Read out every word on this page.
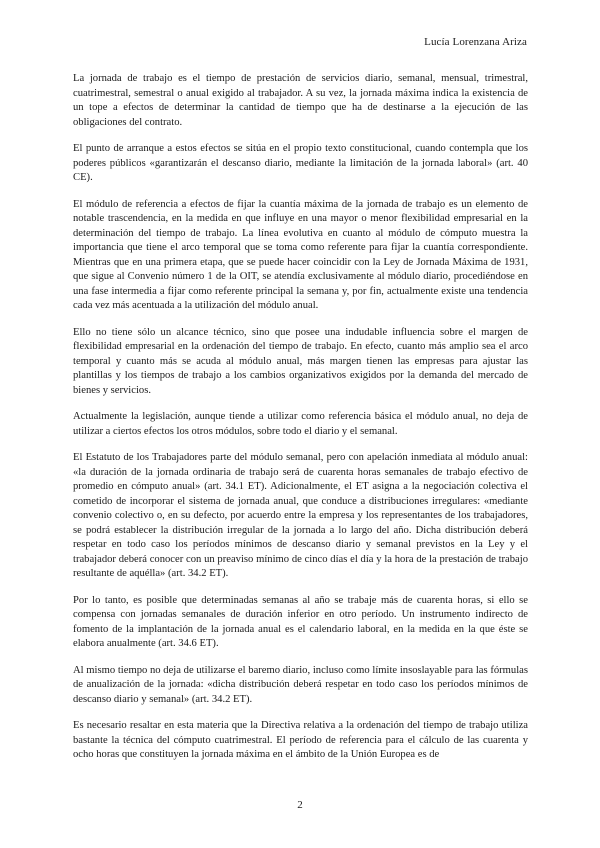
Lucía Lorenzana Ariza

La jornada de trabajo es el tiempo de prestación de servicios diario, semanal, mensual, trimestral, cuatrimestral, semestral o anual exigido al trabajador. A su vez, la jornada máxima indica la existencia de un tope a efectos de determinar la cantidad de tiempo que ha de destinarse a la ejecución de las obligaciones del contrato.

El punto de arranque a estos efectos se sitúa en el propio texto constitucional, cuando contempla que los poderes públicos «garantizarán el descanso diario, mediante la limitación de la jornada laboral» (art. 40 CE).

El módulo de referencia a efectos de fijar la cuantía máxima de la jornada de trabajo es un elemento de notable trascendencia, en la medida en que influye en una mayor o menor flexibilidad empresarial en la determinación del tiempo de trabajo. La línea evolutiva en cuanto al módulo de cómputo muestra la importancia que tiene el arco temporal que se toma como referente para fijar la cuantía correspondiente. Mientras que en una primera etapa, que se puede hacer coincidir con la Ley de Jornada Máxima de 1931, que sigue al Convenio número 1 de la OIT, se atendía exclusivamente al módulo diario, procediéndose en una fase intermedia a fijar como referente principal la semana y, por fin, actualmente existe una tendencia cada vez más acentuada a la utilización del módulo anual.

Ello no tiene sólo un alcance técnico, sino que posee una indudable influencia sobre el margen de flexibilidad empresarial en la ordenación del tiempo de trabajo. En efecto, cuanto más amplio sea el arco temporal y cuanto más se acuda al módulo anual, más margen tienen las empresas para ajustar las plantillas y los tiempos de trabajo a los cambios organizativos exigidos por la demanda del mercado de bienes y servicios.

Actualmente la legislación, aunque tiende a utilizar como referencia básica el módulo anual, no deja de utilizar a ciertos efectos los otros módulos, sobre todo el diario y el semanal.

El Estatuto de los Trabajadores parte del módulo semanal, pero con apelación inmediata al módulo anual: «la duración de la jornada ordinaria de trabajo será de cuarenta horas semanales de trabajo efectivo de promedio en cómputo anual» (art. 34.1 ET). Adicionalmente, el ET asigna a la negociación colectiva el cometido de incorporar el sistema de jornada anual, que conduce a distribuciones irregulares: «mediante convenio colectivo o, en su defecto, por acuerdo entre la empresa y los representantes de los trabajadores, se podrá establecer la distribución irregular de la jornada a lo largo del año. Dicha distribución deberá respetar en todo caso los períodos mínimos de descanso diario y semanal previstos en la Ley y el trabajador deberá conocer con un preaviso mínimo de cinco días el día y la hora de la prestación de trabajo resultante de aquélla» (art. 34.2 ET).

Por lo tanto, es posible que determinadas semanas al año se trabaje más de cuarenta horas, si ello se compensa con jornadas semanales de duración inferior en otro período. Un instrumento indirecto de fomento de la implantación de la jornada anual es el calendario laboral, en la medida en la que éste se elabora anualmente (art. 34.6 ET).

Al mismo tiempo no deja de utilizarse el baremo diario, incluso como límite insoslayable para las fórmulas de anualización de la jornada: «dicha distribución deberá respetar en todo caso los períodos mínimos de descanso diario y semanal» (art. 34.2 ET).

Es necesario resaltar en esta materia que la Directiva relativa a la ordenación del tiempo de trabajo utiliza bastante la técnica del cómputo cuatrimestral. El período de referencia para el cálculo de las cuarenta y ocho horas que constituyen la jornada máxima en el ámbito de la Unión Europea es de

2
